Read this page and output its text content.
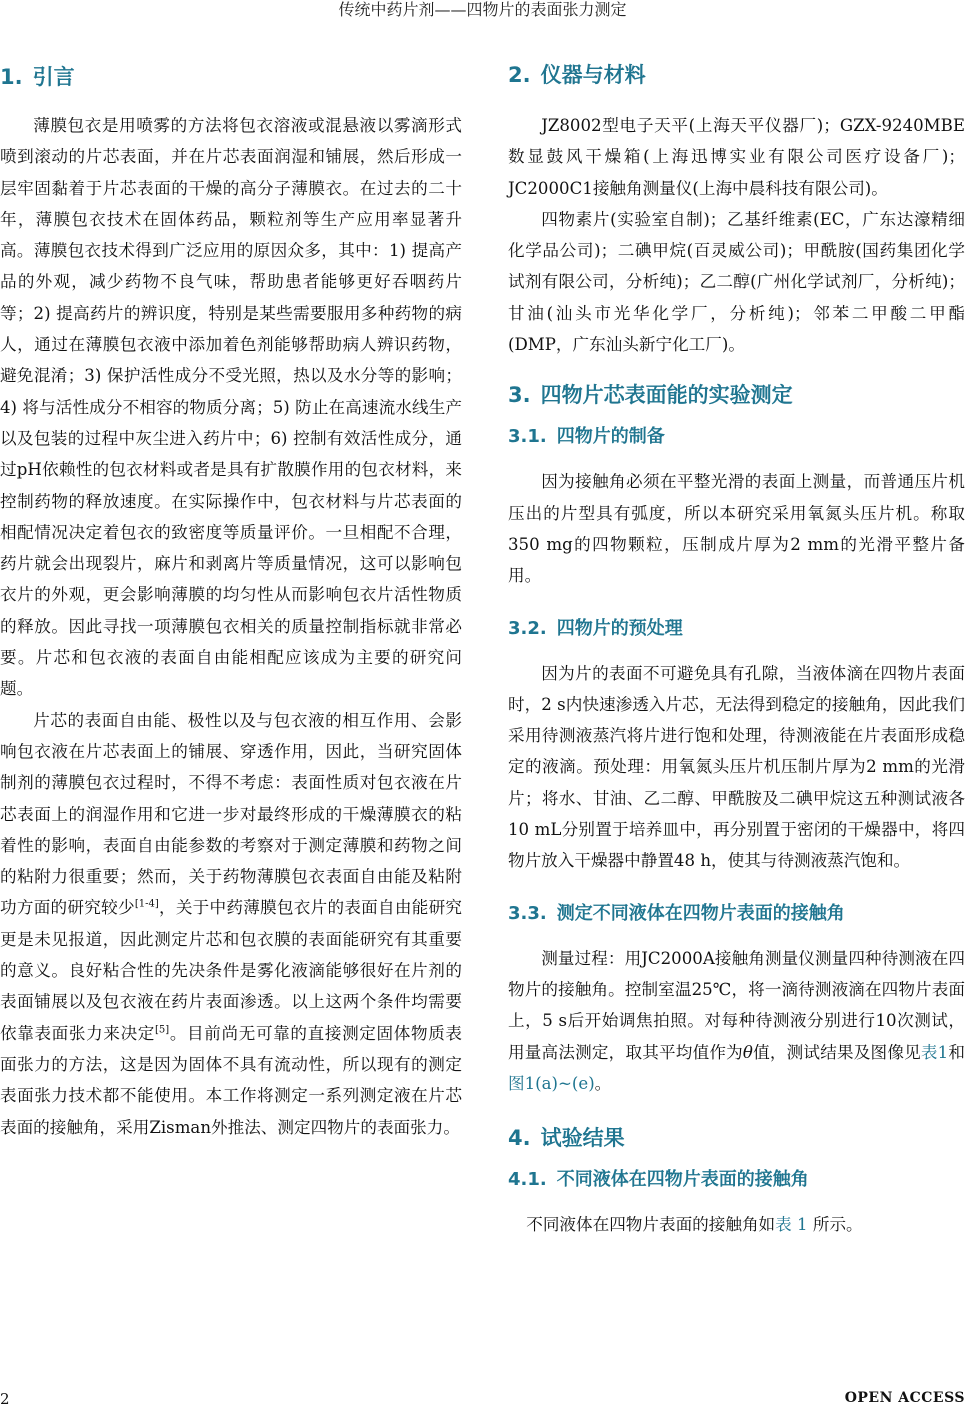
传统中药片剂——四物片的表面张力测定
1. 引言

薄膜包衣是用喷雾的方法将包衣溶液或混悬液以雾滴形式喷到滚动的片芯表面，并在片芯表面润湿和铺展，然后形成一层牢固黏着于片芯表面的干燥的高分子薄膜衣。在过去的二十年，薄膜包衣技术在固体药品，颗粒剂等生产应用率显著升高。薄膜包衣技术得到广泛应用的原因众多，其中：1) 提高产品的外观，减少药物不良气味，帮助患者能够更好吞咽药片等；2) 提高药片的辨识度，特别是某些需要服用多种药物的病人，通过在薄膜包衣液中添加着色剂能够帮助病人辨识药物，避免混淆；3) 保护活性成分不受光照，热以及水分等的影响；4) 将与活性成分不相容的物质分离；5) 防止在高速流水线生产以及包装的过程中灰尘进入药片中；6) 控制有效活性成分，通过pH依赖性的包衣材料或者是具有扩散膜作用的包衣材料，来控制药物的释放速度。在实际操作中，包衣材料与片芯表面的相配情况决定着包衣的致密度等质量评价。一旦相配不合理，药片就会出现裂片，麻片和剥离片等质量情况，这可以影响包衣片的外观，更会影响薄膜的均匀性从而影响包衣片活性物质的释放。因此寻找一项薄膜包衣相关的质量控制指标就非常必要。片芯和包衣液的表面自由能相配应该成为主要的研究问题。

片芯的表面自由能、极性以及与包衣液的相互作用、会影响包衣液在片芯表面上的铺展、穿透作用，因此，当研究固体制剂的薄膜包衣过程时，不得不考虑：表面性质对包衣液在片芯表面上的润湿作用和它进一步对最终形成的干燥薄膜衣的粘着性的影响，表面自由能参数的考察对于测定薄膜和药物之间的粘附力很重要；然而，关于药物薄膜包衣表面自由能及粘附功方面的研究较少[1-4]，关于中药薄膜包衣片的表面自由能研究更是未见报道，因此测定片芯和包衣膜的表面能研究有其重要的意义。良好粘合性的先决条件是雾化液滴能够很好在片剂的表面铺展以及包衣液在药片表面渗透。以上这两个条件均需要依靠表面张力来决定[5]。目前尚无可靠的直接测定固体物质表面张力的方法，这是因为固体不具有流动性，所以现有的测定表面张力技术都不能使用。本工作将测定一系列测定液在片芯表面的接触角，采用Zisman外推法、测定四物片的表面张力。

2. 仪器与材料

JZ8002型电子天平(上海天平仪器厂)；GZX-9240MBE数显鼓风干燥箱(上海迅博实业有限公司医疗设备厂)；JC2000C1接触角测量仪(上海中晨科技有限公司)。

四物素片(实验室自制)；乙基纤维素(EC，广东达濠精细化学品公司)；二碘甲烷(百灵威公司)；甲酰胺(国药集团化学试剂有限公司，分析纯)；乙二醇(广州化学试剂厂，分析纯)；甘油(汕头市光华化学厂，分析纯)；邻苯二甲酸二甲酯(DMP，广东汕头新宁化工厂)。

3. 四物片芯表面能的实验测定
3.1. 四物片的制备

因为接触角必须在平整光滑的表面上测量，而普通压片机压出的片型具有弧度，所以本研究采用氧氮头压片机。称取350 mg的四物颗粒，压制成片厚为2 mm的光滑平整片备用。

3.2. 四物片的预处理

因为片的表面不可避免具有孔隙，当液体滴在四物片表面时，2 s内快速渗透入片芯，无法得到稳定的接触角，因此我们采用待测液蒸汽将片进行饱和处理，待测液能在片表面形成稳定的液滴。预处理：用氧氮头压片机压制片厚为2 mm的光滑片；将水、甘油、乙二醇、甲酰胺及二碘甲烷这五种测试液各10 mL分别置于培养皿中，再分别置于密闭的干燥器中，将四物片放入干燥器中静置48 h，使其与待测液蒸汽饱和。

3.3. 测定不同液体在四物片表面的接触角

测量过程：用JC2000A接触角测量仪测量四种待测液在四物片的接触角。控制室温25℃，将一滴待测液滴在四物片表面上，5 s后开始调焦拍照。对每种待测液分别进行10次测试，用量高法测定，取其平均值作为θ值，测试结果及图像见表1和图1(a)~(e)。

4. 试验结果
4.1. 不同液体在四物片表面的接触角

不同液体在四物片表面的接触角如表 1 所示。

2	OPEN ACCESS
